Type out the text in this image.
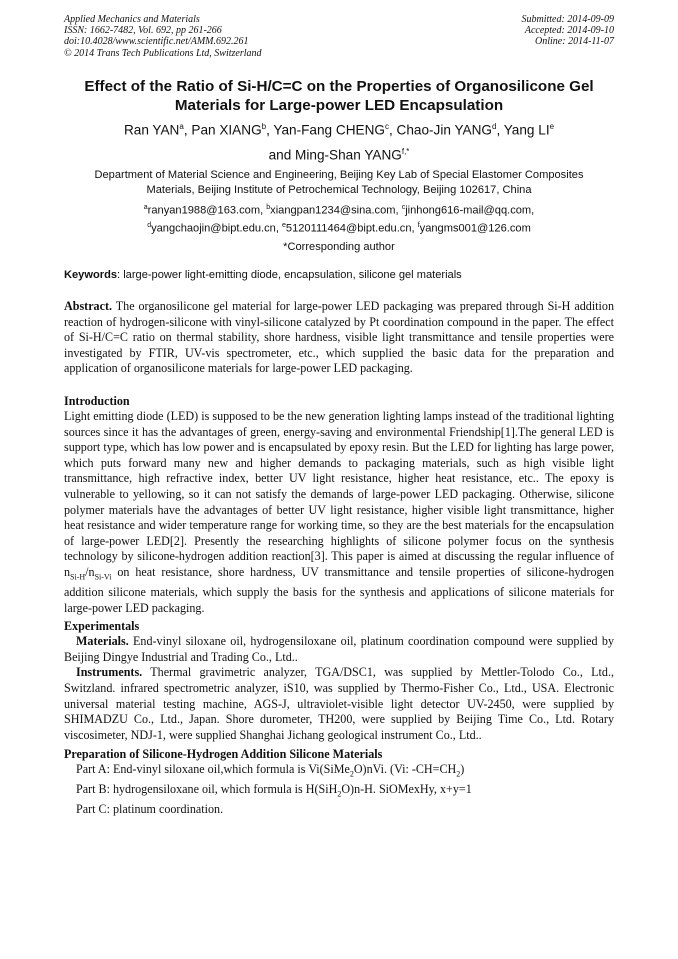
Applied Mechanics and Materials
ISSN: 1662-7482, Vol. 692, pp 261-266
doi:10.4028/www.scientific.net/AMM.692.261
© 2014 Trans Tech Publications Ltd, Switzerland
Submitted: 2014-09-09
Accepted: 2014-09-10
Online: 2014-11-07
Effect of the Ratio of Si-H/C=C on the Properties of Organosilicone Gel
Materials for Large-power LED Encapsulation
Ran YAN$^a$, Pan XIANG$^b$, Yan-Fang CHENG$^c$, Chao-Jin YANG$^d$, Yang LIe
and Ming-Shan $YANG^{f,*}$
Department of Material Science and Engineering, Beijing Key Lab of Special Elastomer Composites
Materials, Beijing Institute of Petrochemical Technology, Beijing 102617, China
$^a$ranyan1988@163.com, $^b$xiangpan1234@sina.com, $^c$jinhong616-mail@qq.com,
$^d$yangchaojin@bipt.edu.cn, $^e$5120111464@bipt.edu.cn, $^f$yangms001@126.com
*Corresponding author
Keywords: large-power light-emitting diode, encapsulation, silicone gel materials
Abstract. The organosilicone gel material for large-power LED packaging was prepared through Si-H addition reaction of hydrogen-silicone with vinyl-silicone catalyzed by Pt coordination compound in the paper. The effect of Si-H/C=C ratio on thermal stability, shore hardness, visible light transmittance and tensile properties were investigated by FTIR, UV-vis spectrometer, etc., which supplied the basic data for the preparation and application of organosilicone materials for large-power LED packaging.
Introduction
Light emitting diode (LED) is supposed to be the new generation lighting lamps instead of the traditional lighting sources since it has the advantages of green, energy-saving and environmental Friendship[1].The general LED is support type, which has low power and is encapsulated by epoxy resin. But the LED for lighting has large power, which puts forward many new and higher demands to packaging materials, such as high visible light transmittance, high refractive index, better UV light resistance, higher heat resistance, etc.. The epoxy is vulnerable to yellowing, so it can not satisfy the demands of large-power LED packaging. Otherwise, silicone polymer materials have the advantages of better UV light resistance, higher visible light transmittance, higher heat resistance and wider temperature range for working time, so they are the best materials for the encapsulation of large-power LED[2]. Presently the researching highlights of silicone polymer focus on the synthesis technology by silicone-hydrogen addition reaction[3]. This paper is aimed at discussing the regular influence of $n_{Si-H}/n_{Si-Vi}$ on heat resistance, shore hardness, UV transmittance and tensile properties of silicone-hydrogen addition silicone materials, which supply the basis for the synthesis and applications of silicone materials for large-power LED packaging.
Experimentals
Materials. End-vinyl siloxane oil, hydrogensiloxane oil, platinum coordination compound were supplied by Beijing Dingye Industrial and Trading Co., Ltd..
Instruments. Thermal gravimetric analyzer, TGA/DSC1, was supplied by Mettler-Tolodo Co., Ltd., Switzland. infrared spectrometric analyzer, iS10, was supplied by Thermo-Fisher Co., Ltd., USA. Electronic universal material testing machine, AGS-J, ultraviolet-visible light detector UV-2450, were supplied by SHIMADZU Co., Ltd., Japan. Shore durometer, TH200, were supplied by Beijing Time Co., Ltd. Rotary viscosimeter, NDJ-1, were supplied Shanghai Jichang geological instrument Co., Ltd..
Preparation of Silicone-Hydrogen Addition Silicone Materials
Part A: End-vinyl siloxane oil,which formula is Vi(SiMe$_2$O)nVi. (Vi: $-CH=CH_2$)
Part B: hydrogensiloxane oil, which formula is H(SiH$_2$O)n-H. SiOMexHy, x+y=1
Part C: platinum coordination.
